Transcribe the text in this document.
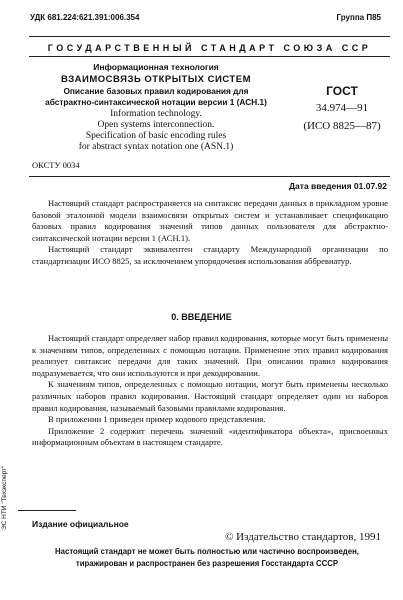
УДК 681.224:621.391:006.354	Группа П85
ГОСУДАРСТВЕННЫЙ СТАНДАРТ СОЮЗА ССР
Информационная технология
ВЗАИМОСВЯЗЬ ОТКРЫТЫХ СИСТЕМ
Описание базовых правил кодирования для
абстрактно-синтаксической нотации версии 1 (АСН.1)
Information technology.
Open systems interconnection.
Specification of basic encoding rules
for abstract syntax notation one (ASN.1)
ГОСТ
34.974—91
(ИСО 8825—87)
ОКСТУ 0034
Дата введения 01.07.92

Настоящий стандарт распространяется на синтаксис передачи данных в прикладном уровне базовой эталонной модели взаимосвязи открытых систем и устанавливает спецификацию базовых правил кодирования значений типов данных пользователя для абстрактно-синтаксической нотации версии 1 (АСН.1).

Настоящий стандарт эквивалентен стандарту Международной организации по стандартизации ИСО 8825, за исключением упорядочения использования аббревиатур.

0. ВВЕДЕНИЕ

Настоящий стандарт определяет набор правил кодирования, которые могут быть применены к значениям типов, определенных с помощью нотации. Применение этих правил кодирования реализует синтаксис передачи для таких значений. При описании правил кодирования подразумевается, что они используются и при декодировании.

К значениям типов, определенных с помощью нотации, могут быть применены несколько различных наборов правил кодирования. Настоящий стандарт определяет один из наборов правил кодирования, называемый базовыми правилами кодирования.

В приложении 1 приведен пример кодового представления.

Приложение 2 содержит перечень значений «идентификатора объекта», присвоенных информационным объектам в настоящем стандарте.

Издание официальное
© Издательство стандартов, 1991
Настоящий стандарт не может быть полностью или частично воспроизведен,
тиражирован и распространен без разрешения Госстандарта СССР
ЭС НТИ "Техэксперт"
